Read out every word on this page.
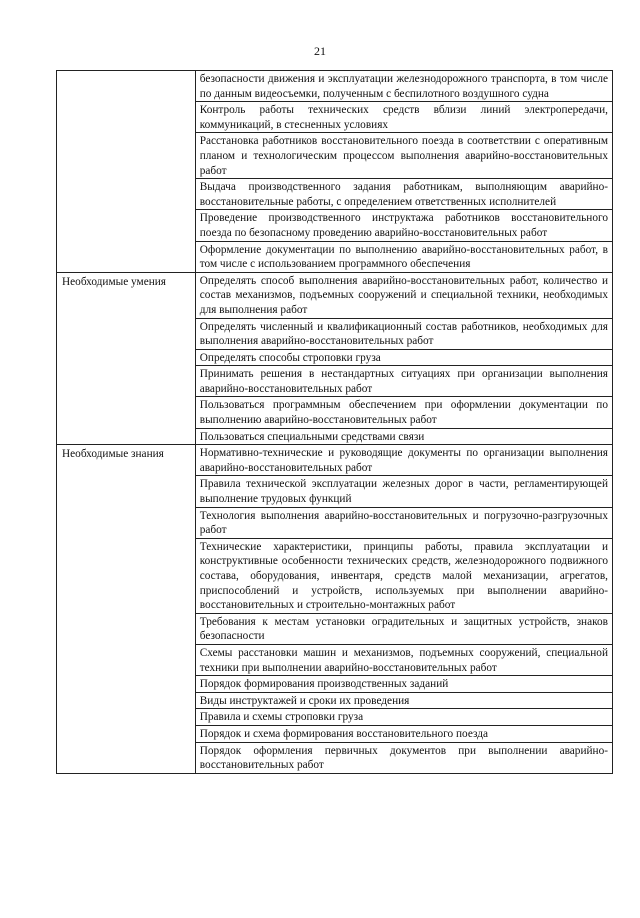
21
	безопасности движения и эксплуатации железнодорожного транспорта, в том числе по данным видеосъемки, полученным с беспилотного воздушного судна
	Контроль работы технических средств вблизи линий электропередачи, коммуникаций, в стесненных условиях
	Расстановка работников восстановительного поезда в соответствии с оперативным планом и технологическим процессом выполнения аварийно-восстановительных работ
	Выдача производственного задания работникам, выполняющим аварийно-восстановительные работы, с определением ответственных исполнителей
	Проведение производственного инструктажа работников восстановительного поезда по безопасному проведению аварийно-восстановительных работ
	Оформление документации по выполнению аварийно-восстановительных работ, в том числе с использованием программного обеспечения
Необходимые умения	Определять способ выполнения аварийно-восстановительных работ, количество и состав механизмов, подъемных сооружений и специальной техники, необходимых для выполнения работ
	Определять численный и квалификационный состав работников, необходимых для выполнения аварийно-восстановительных работ
	Определять способы строповки груза
	Принимать решения в нестандартных ситуациях при организации выполнения аварийно-восстановительных работ
	Пользоваться программным обеспечением при оформлении документации по выполнению аварийно-восстановительных работ
	Пользоваться специальными средствами связи
Необходимые знания	Нормативно-технические и руководящие документы по организации выполнения аварийно-восстановительных работ
	Правила технической эксплуатации железных дорог в части, регламентирующей выполнение трудовых функций
	Технология выполнения аварийно-восстановительных и погрузочно-разгрузочных работ
	Технические характеристики, принципы работы, правила эксплуатации и конструктивные особенности технических средств, железнодорожного подвижного состава, оборудования, инвентаря, средств малой механизации, агрегатов, приспособлений и устройств, используемых при выполнении аварийно-восстановительных и строительно-монтажных работ
	Требования к местам установки оградительных и защитных устройств, знаков безопасности
	Схемы расстановки машин и механизмов, подъемных сооружений, специальной техники при выполнении аварийно-восстановительных работ
	Порядок формирования производственных заданий
	Виды инструктажей и сроки их проведения
	Правила и схемы строповки груза
	Порядок и схема формирования восстановительного поезда
	Порядок оформления первичных документов при выполнении аварийно-восстановительных работ
